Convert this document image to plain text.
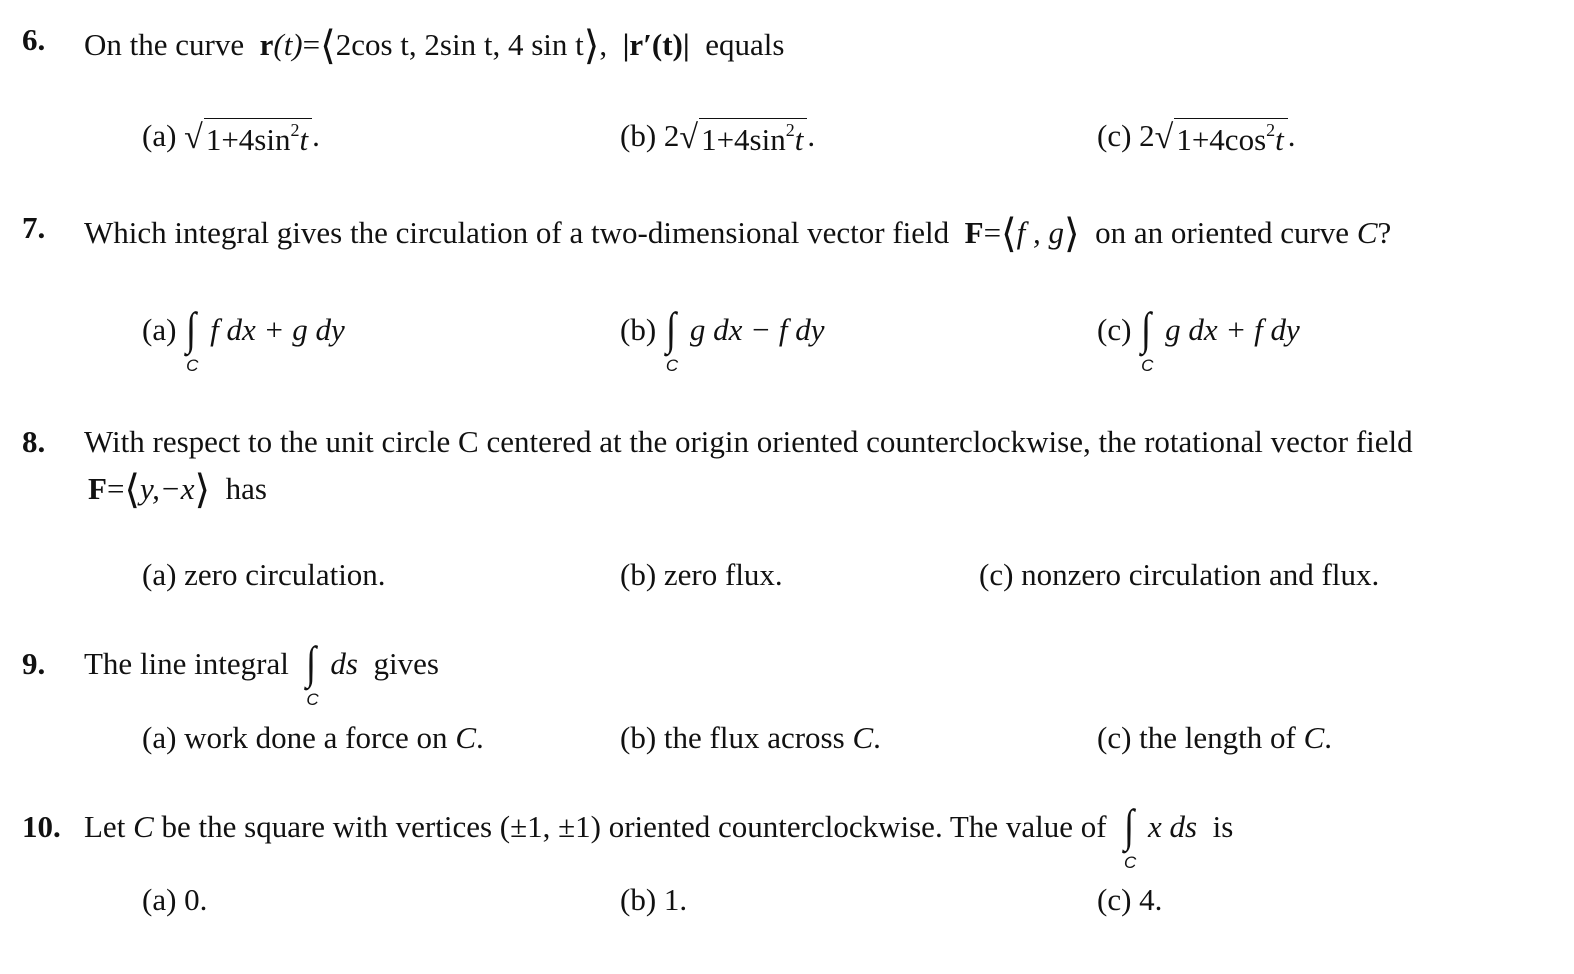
6. On the curve r(t)=⟨2cos t, 2sin t, 4 sin t⟩,  |r′(t)| equals
(a)
√ $1+4\sin^2t$ .	(b)
2 √ $1+4\sin^2t$ .	(c)
2 √ $1+4\cos^2t$ .
7. Which integral gives the circulation of a two-dimensional vector field F=⟨f , g⟩ on an oriented curve C?
(a)
∫
C
f dx + g dy	(b)
∫
C
g dx − f dy	(c)
∫
C
g dx + f dy
8. With respect to the unit circle C centered at the origin oriented counterclockwise, the rotational vector field
F=⟨y,−x⟩ has
(a)
zero circulation.	(b)
zero flux.	(c)
nonzero circulation and flux.
9. The line integral
∫
C
ds
gives
(a)
work done a force on
C .	(b)
the flux across
C .	(c)
the length of
C .
10. Let
C
be the square with vertices (±1, ±1) oriented counterclockwise. The value of
∫
C
x ds
is
(a)
0.	(b)
1.	(c)
4.
